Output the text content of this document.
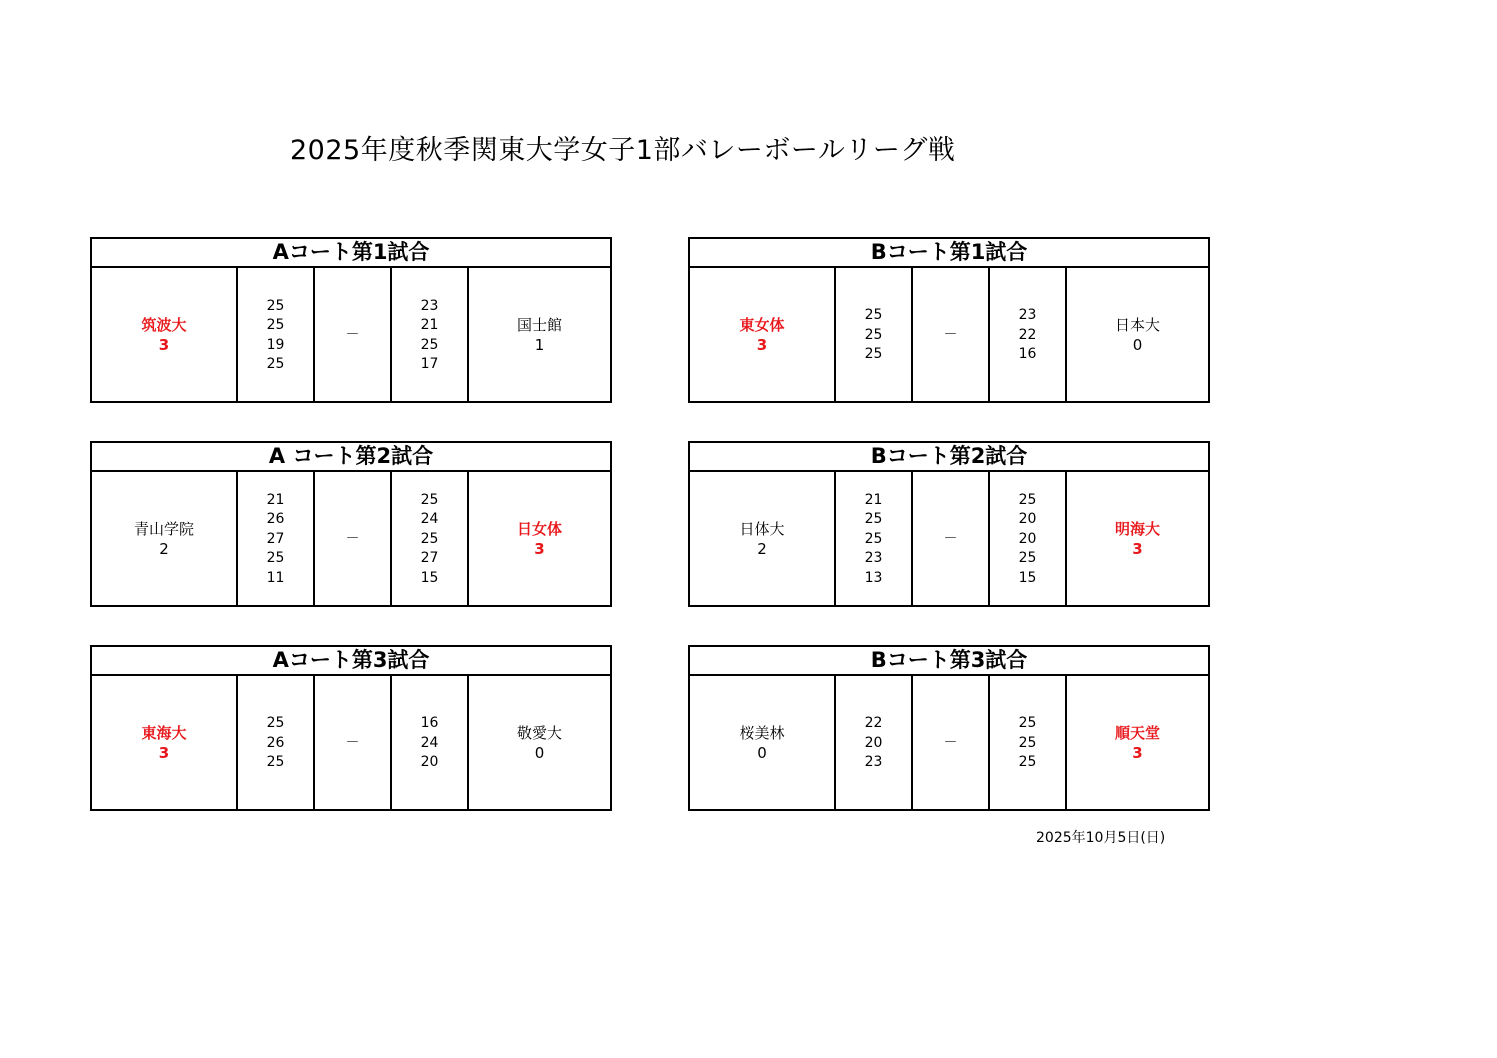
2025年度秋季関東大学女子1部バレーボールリーグ戦
Aコート第1試合
筑波大
3
25
25
19
25
－
23
21
25
17
国士館
1
Bコート第1試合
東女体
3
25
25
25
－
23
22
16
日本大
0
A コート第2試合
青山学院
2
21
26
27
25
11
－
25
24
25
27
15
日女体
3
Bコート第2試合
日体大
2
21
25
25
23
13
－
25
20
20
25
15
明海大
3
Aコート第3試合
東海大
3
25
26
25
－
16
24
20
敬愛大
0
Bコート第3試合
桜美林
0
22
20
23
－
25
25
25
順天堂
3
2025年10月5日(日)
